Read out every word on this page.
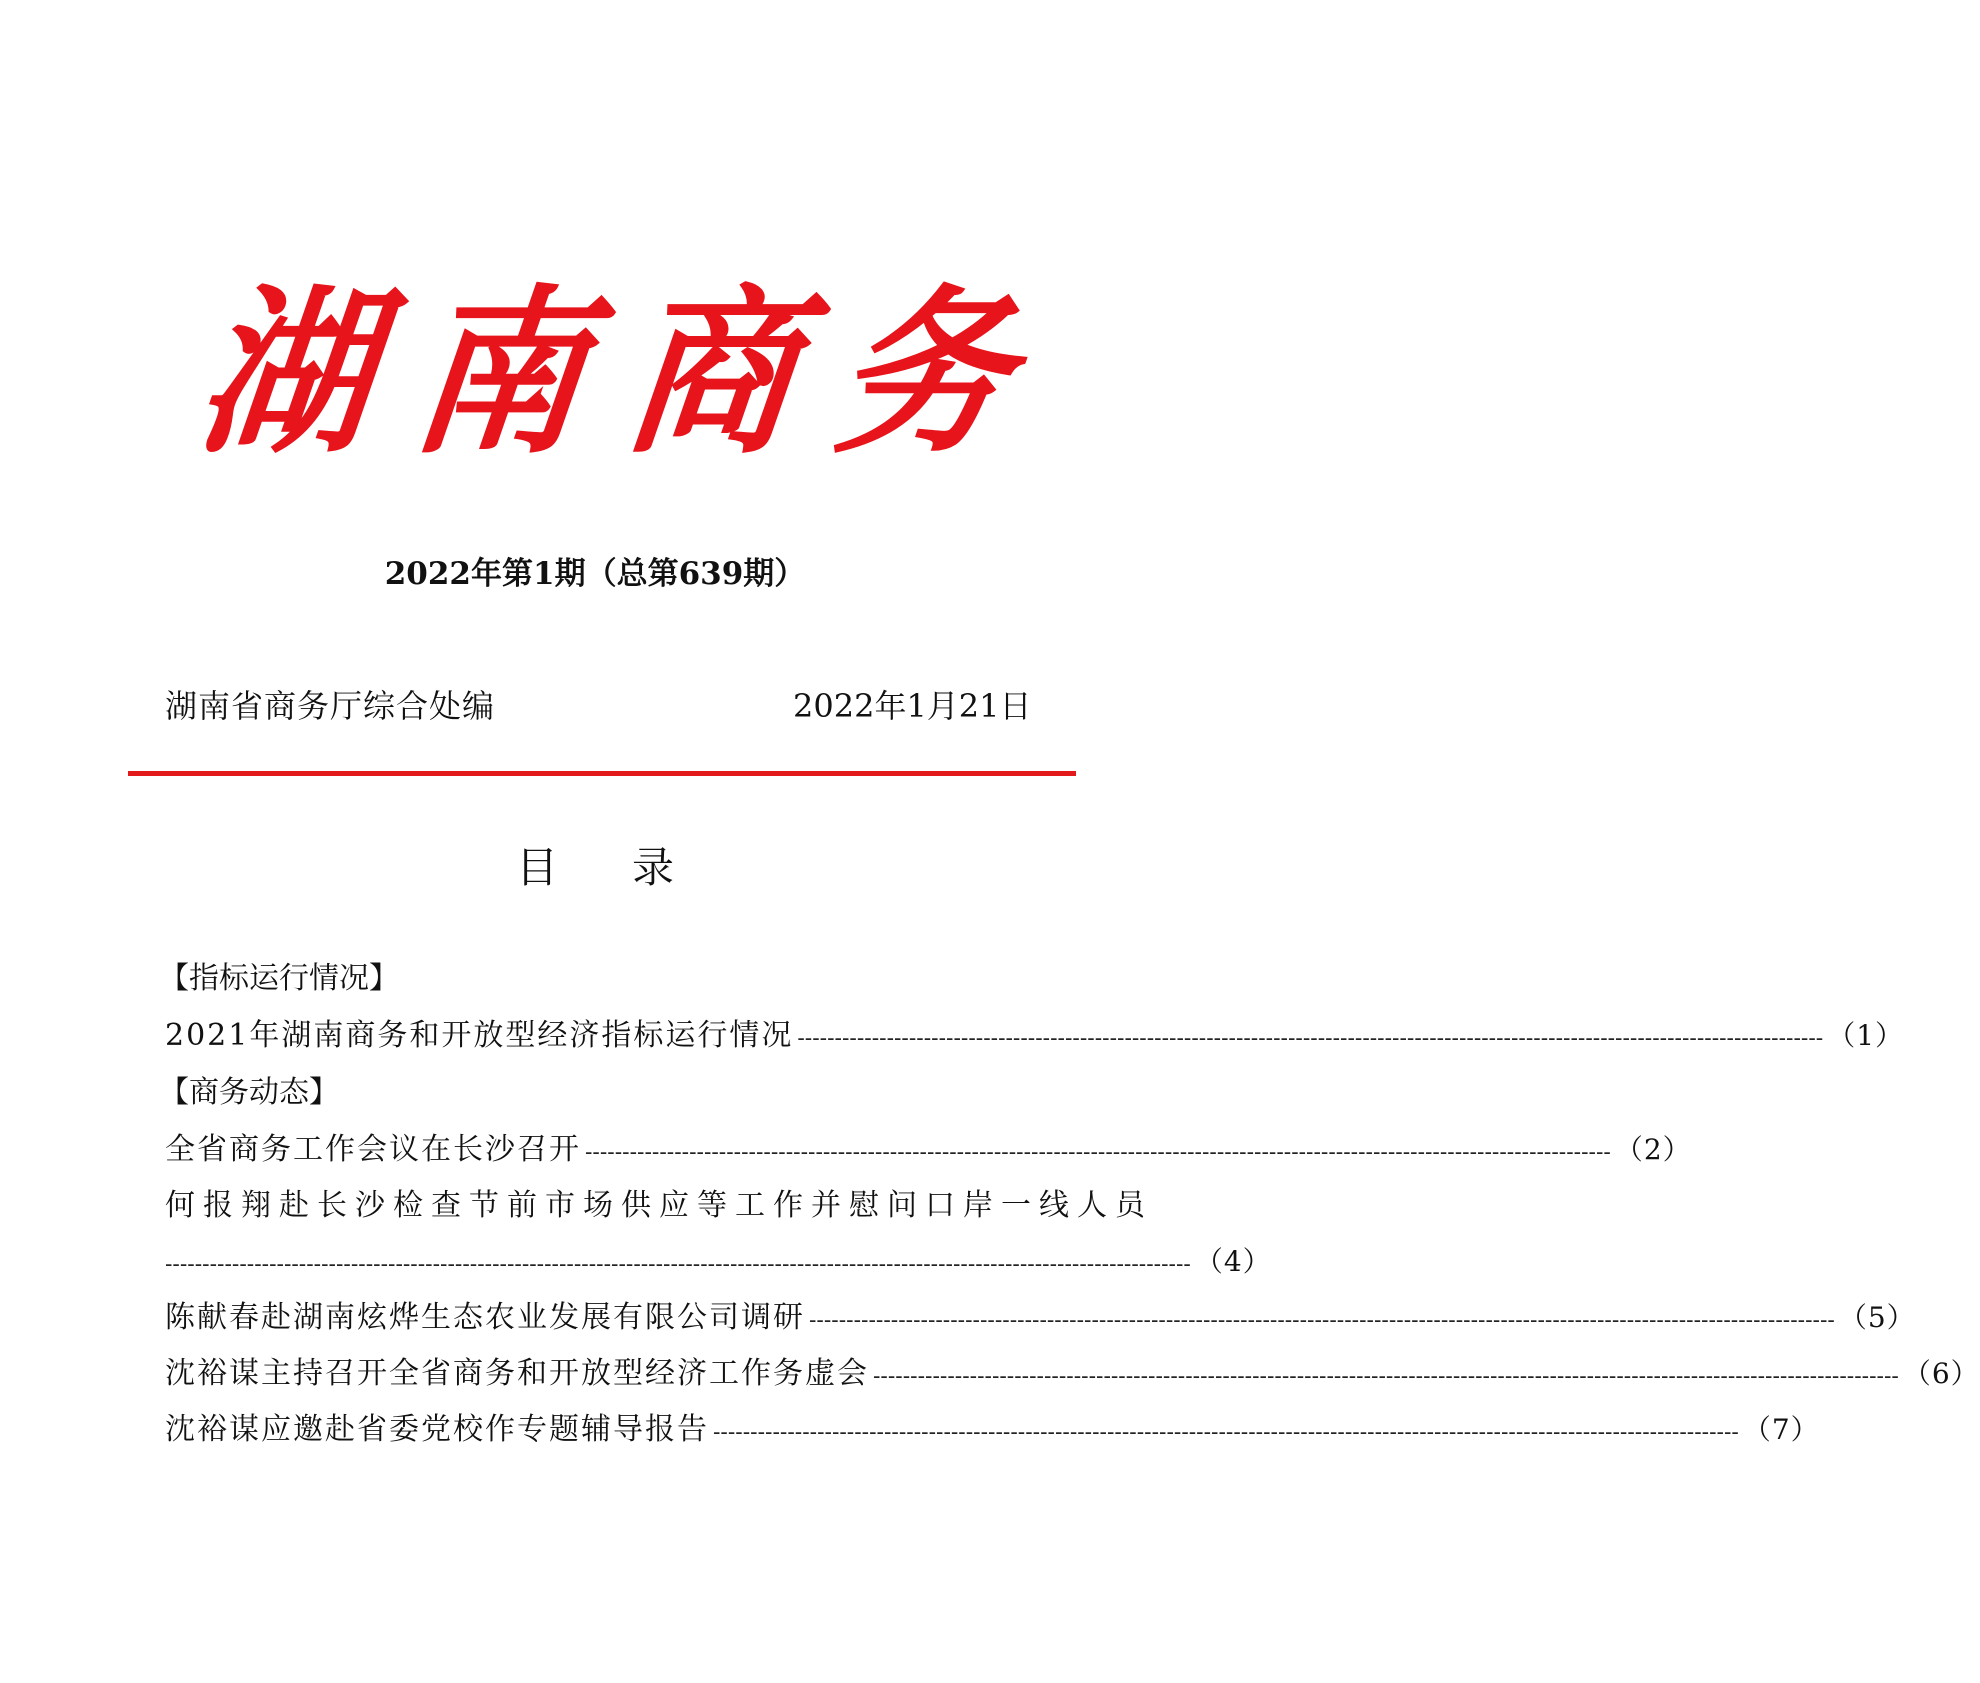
湖 南 商 务
2022年第1期（总第639期）
湖南省商务厅综合处编	2022年1月21日
目 录
【指标运行情况】
2021年湖南商务和开放型经济指标运行情况 ------------------------------------------------------------------------------------------------------------------------------------------ （1）
【商务动态】
全省商务工作会议在长沙召开 ------------------------------------------------------------------------------------------------------------------------------------------ （2）
何报翔赴长沙检查节前市场供应等工作并慰问口岸一线人员
------------------------------------------------------------------------------------------------------------------------------------------ （4）
陈献春赴湖南炫烨生态农业发展有限公司调研 ------------------------------------------------------------------------------------------------------------------------------------------ （5）
沈裕谋主持召开全省商务和开放型经济工作务虚会 ------------------------------------------------------------------------------------------------------------------------------------------ （6）
沈裕谋应邀赴省委党校作专题辅导报告 ------------------------------------------------------------------------------------------------------------------------------------------ （7）
